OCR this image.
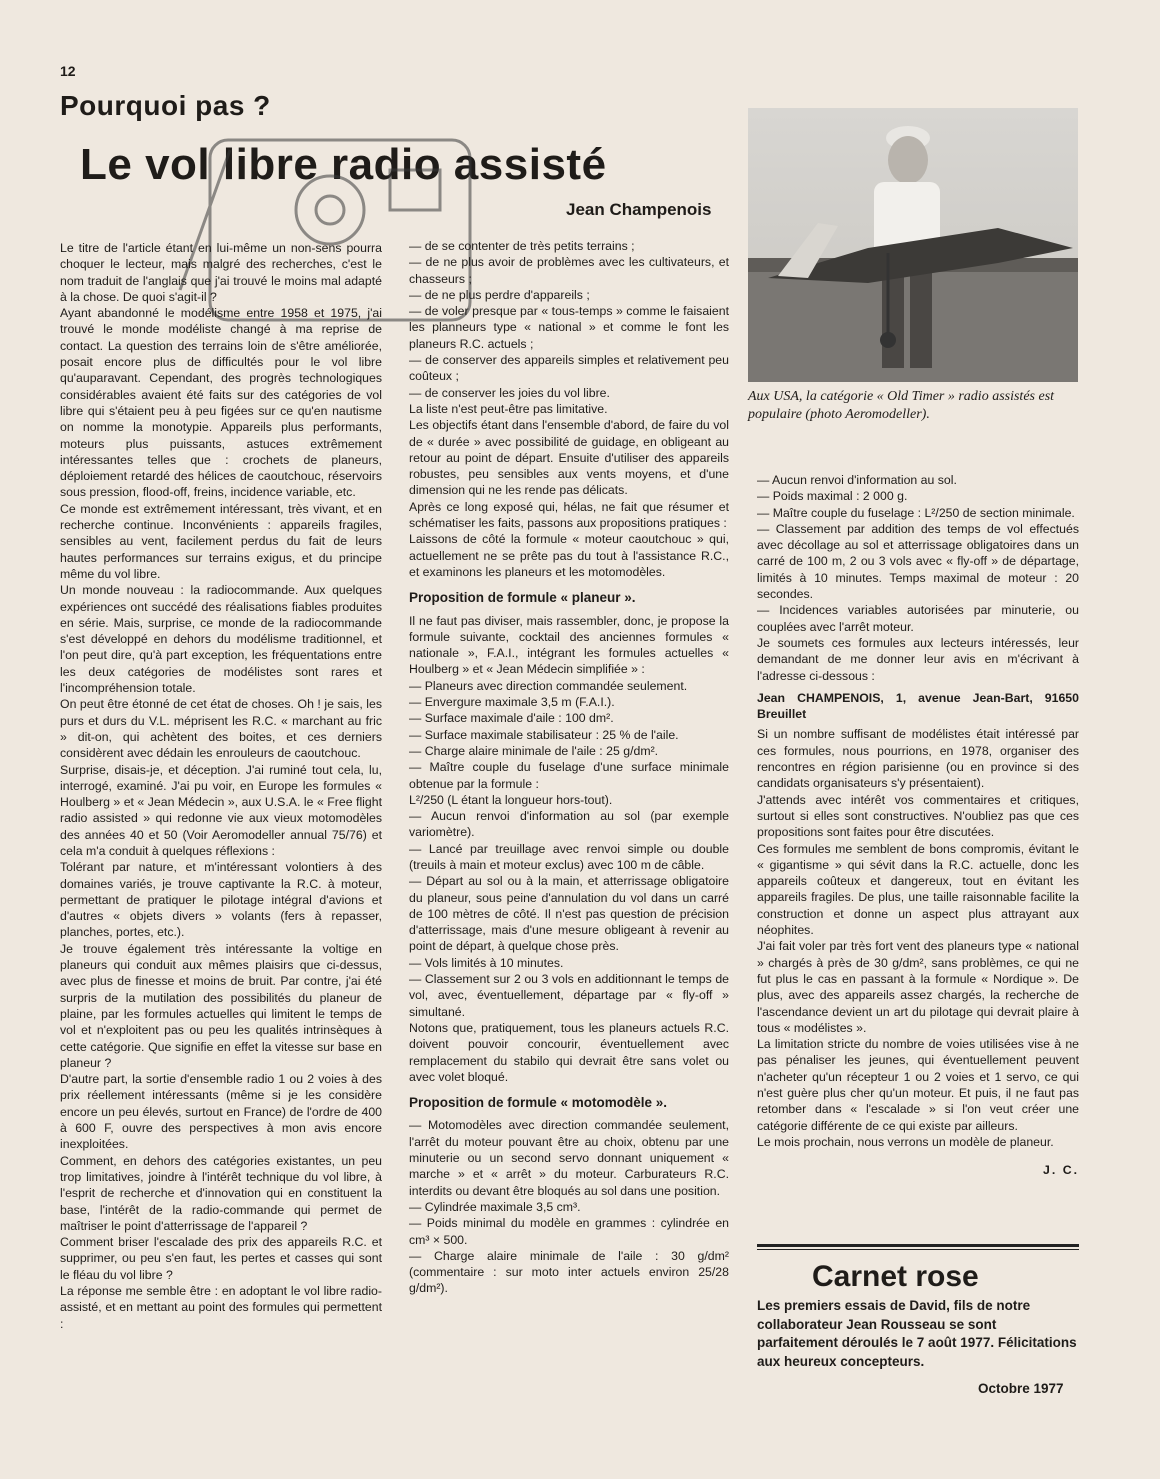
12
Pourquoi pas ?
Le vol libre radio assisté
Jean Champenois

Le titre de l'article étant en lui-même un non-sens pourra choquer le lecteur, mais malgré des recherches, c'est le nom traduit de l'anglais que j'ai trouvé le moins mal adapté à la chose. De quoi s'agit-il ?

Ayant abandonné le modélisme entre 1958 et 1975, j'ai trouvé le monde modéliste changé à ma reprise de contact. La question des terrains loin de s'être améliorée, posait encore plus de difficultés pour le vol libre qu'auparavant. Cependant, des progrès technologiques considérables avaient été faits sur des catégories de vol libre qui s'étaient peu à peu figées sur ce qu'en nautisme on nomme la monotypie. Appareils plus performants, moteurs plus puissants, astuces extrêmement intéressantes telles que : crochets de planeurs, déploiement retardé des hélices de caoutchouc, réservoirs sous pression, flood-off, freins, incidence variable, etc.

Ce monde est extrêmement intéressant, très vivant, et en recherche continue. Inconvénients : appareils fragiles, sensibles au vent, facilement perdus du fait de leurs hautes performances sur terrains exigus, et du principe même du vol libre.

Un monde nouveau : la radiocommande. Aux quelques expériences ont succédé des réalisations fiables produites en série. Mais, surprise, ce monde de la radiocommande s'est développé en dehors du modélisme traditionnel, et l'on peut dire, qu'à part exception, les fréquentations entre les deux catégories de modélistes sont rares et l'incompréhension totale.

On peut être étonné de cet état de choses. Oh ! je sais, les purs et durs du V.L. méprisent les R.C. « marchant au fric » dit-on, qui achètent des boites, et ces derniers considèrent avec dédain les enrouleurs de caoutchouc.

Surprise, disais-je, et déception. J'ai ruminé tout cela, lu, interrogé, examiné. J'ai pu voir, en Europe les formules « Houlberg » et « Jean Médecin », aux U.S.A. le « Free flight radio assisted » qui redonne vie aux vieux motomodèles des années 40 et 50 (Voir Aeromodeller annual 75/76) et cela m'a conduit à quelques réflexions :

Tolérant par nature, et m'intéressant volontiers à des domaines variés, je trouve captivante la R.C. à moteur, permettant de pratiquer le pilotage intégral d'avions et d'autres « objets divers » volants (fers à repasser, planches, portes, etc.).

Je trouve également très intéressante la voltige en planeurs qui conduit aux mêmes plaisirs que ci-dessus, avec plus de finesse et moins de bruit. Par contre, j'ai été surpris de la mutilation des possibilités du planeur de plaine, par les formules actuelles qui limitent le temps de vol et n'exploitent pas ou peu les qualités intrinsèques à cette catégorie. Que signifie en effet la vitesse sur base en planeur ?

D'autre part, la sortie d'ensemble radio 1 ou 2 voies à des prix réellement intéressants (même si je les considère encore un peu élevés, surtout en France) de l'ordre de 400 à 600 F, ouvre des perspectives à mon avis encore inexploitées.

Comment, en dehors des catégories existantes, un peu trop limitatives, joindre à l'intérêt technique du vol libre, à l'esprit de recherche et d'innovation qui en constituent la base, l'intérêt de la radio-commande qui permet de maîtriser le point d'atterrissage de l'appareil ?

Comment briser l'escalade des prix des appareils R.C. et supprimer, ou peu s'en faut, les pertes et casses qui sont le fléau du vol libre ?

La réponse me semble être : en adoptant le vol libre radio-assisté, et en mettant au point des formules qui permettent :

— de se contenter de très petits terrains ;

— de ne plus avoir de problèmes avec les cultivateurs, et chasseurs ;

— de ne plus perdre d'appareils ;

— de voler presque par « tous-temps » comme le faisaient les planneurs type « national » et comme le font les planeurs R.C. actuels ;

— de conserver des appareils simples et relativement peu coûteux ;

— de conserver les joies du vol libre.

La liste n'est peut-être pas limitative.

Les objectifs étant dans l'ensemble d'abord, de faire du vol de « durée » avec possibilité de guidage, en obligeant au retour au point de départ. Ensuite d'utiliser des appareils robustes, peu sensibles aux vents moyens, et d'une dimension qui ne les rende pas délicats.

Après ce long exposé qui, hélas, ne fait que résumer et schématiser les faits, passons aux propositions pratiques :

Laissons de côté la formule « moteur caoutchouc » qui, actuellement ne se prête pas du tout à l'assistance R.C., et examinons les planeurs et les motomodèles.

Proposition de formule « planeur ».

Il ne faut pas diviser, mais rassembler, donc, je propose la formule suivante, cocktail des anciennes formules « nationale », F.A.I., intégrant les formules actuelles « Houlberg » et « Jean Médecin simplifiée » :

— Planeurs avec direction commandée seulement.

— Envergure maximale 3,5 m (F.A.I.).

— Surface maximale d'aile : 100 dm².

— Surface maximale stabilisateur : 25 % de l'aile.

— Charge alaire minimale de l'aile : 25 g/dm².

— Maître couple du fuselage d'une surface minimale obtenue par la formule :

L²/250 (L étant la longueur hors-tout).

— Aucun renvoi d'information au sol (par exemple variomètre).

— Lancé par treuillage avec renvoi simple ou double (treuils à main et moteur exclus) avec 100 m de câble.

— Départ au sol ou à la main, et atterrissage obligatoire du planeur, sous peine d'annulation du vol dans un carré de 100 mètres de côté. Il n'est pas question de précision d'atterrissage, mais d'une mesure obligeant à revenir au point de départ, à quelque chose près.

— Vols limités à 10 minutes.

— Classement sur 2 ou 3 vols en additionnant le temps de vol, avec, éventuellement, départage par « fly-off » simultané.

Notons que, pratiquement, tous les planeurs actuels R.C. doivent pouvoir concourir, éventuellement avec remplacement du stabilo qui devrait être sans volet ou avec volet bloqué.

Proposition de formule « motomodèle ».

— Motomodèles avec direction commandée seulement, l'arrêt du moteur pouvant être au choix, obtenu par une minuterie ou un second servo donnant uniquement « marche » et « arrêt » du moteur. Carburateurs R.C. interdits ou devant être bloqués au sol dans une position.

— Cylindrée maximale 3,5 cm³.

— Poids minimal du modèle en grammes : cylindrée en cm³ × 500.

— Charge alaire minimale de l'aile : 30 g/dm² (commentaire : sur moto inter actuels environ 25/28 g/dm²).

Aux USA, la catégorie « Old Timer » radio assistés est populaire (photo Aeromodeller).

— Aucun renvoi d'information au sol.

— Poids maximal : 2 000 g.

— Maître couple du fuselage : L²/250 de section minimale.

— Classement par addition des temps de vol effectués avec décollage au sol et atterrissage obligatoires dans un carré de 100 m, 2 ou 3 vols avec « fly-off » de départage, limités à 10 minutes. Temps maximal de moteur : 20 secondes.

— Incidences variables autorisées par minuterie, ou couplées avec l'arrêt moteur.

Je soumets ces formules aux lecteurs intéressés, leur demandant de me donner leur avis en m'écrivant à l'adresse ci-dessous :

Jean CHAMPENOIS, 1, avenue Jean-Bart, 91650 Breuillet

Si un nombre suffisant de modélistes était intéressé par ces formules, nous pourrions, en 1978, organiser des rencontres en région parisienne (ou en province si des candidats organisateurs s'y présentaient).

J'attends avec intérêt vos commentaires et critiques, surtout si elles sont constructives. N'oubliez pas que ces propositions sont faites pour être discutées.

Ces formules me semblent de bons compromis, évitant le « gigantisme » qui sévit dans la R.C. actuelle, donc les appareils coûteux et dangereux, tout en évitant les appareils fragiles. De plus, une taille raisonnable facilite la construction et donne un aspect plus attrayant aux néophites.

J'ai fait voler par très fort vent des planeurs type « national » chargés à près de 30 g/dm², sans problèmes, ce qui ne fut plus le cas en passant à la formule « Nordique ». De plus, avec des appareils assez chargés, la recherche de l'ascendance devient un art du pilotage qui devrait plaire à tous « modélistes ».

La limitation stricte du nombre de voies utilisées vise à ne pas pénaliser les jeunes, qui éventuellement peuvent n'acheter qu'un récepteur 1 ou 2 voies et 1 servo, ce qui n'est guère plus cher qu'un moteur. Et puis, il ne faut pas retomber dans « l'escalade » si l'on veut créer une catégorie différente de ce qui existe par ailleurs.

Le mois prochain, nous verrons un modèle de planeur.

J. C.

Carnet rose
Les premiers essais de David, fils de notre collaborateur Jean Rousseau se sont parfaitement déroulés le 7 août 1977. Félicitations aux heureux concepteurs.
Octobre 1977
